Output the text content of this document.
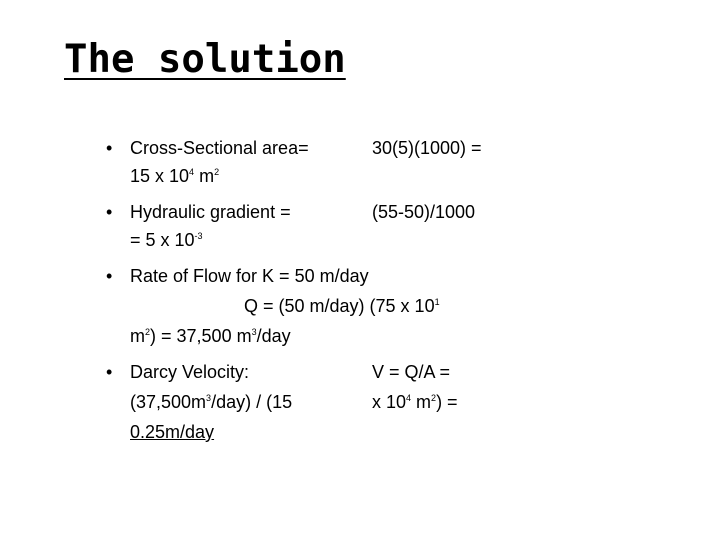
The solution
• Cross-Sectional area=	30(5)(1000) =
15 x $10^4$ $m^2$
• Hydraulic gradient =	(55-50)/1000
= 5 x $10^{-3}$
• Rate of Flow for K = 50 m/day
Q = (50 m/day) (75 x $10^1$
$m^2) = 37,500$ $m^3$/day
• Darcy Velocity:	V = Q/A =
$(37,500m^3/day) / (15$	x $10^4$ $m^2$) =
0.25m/day
